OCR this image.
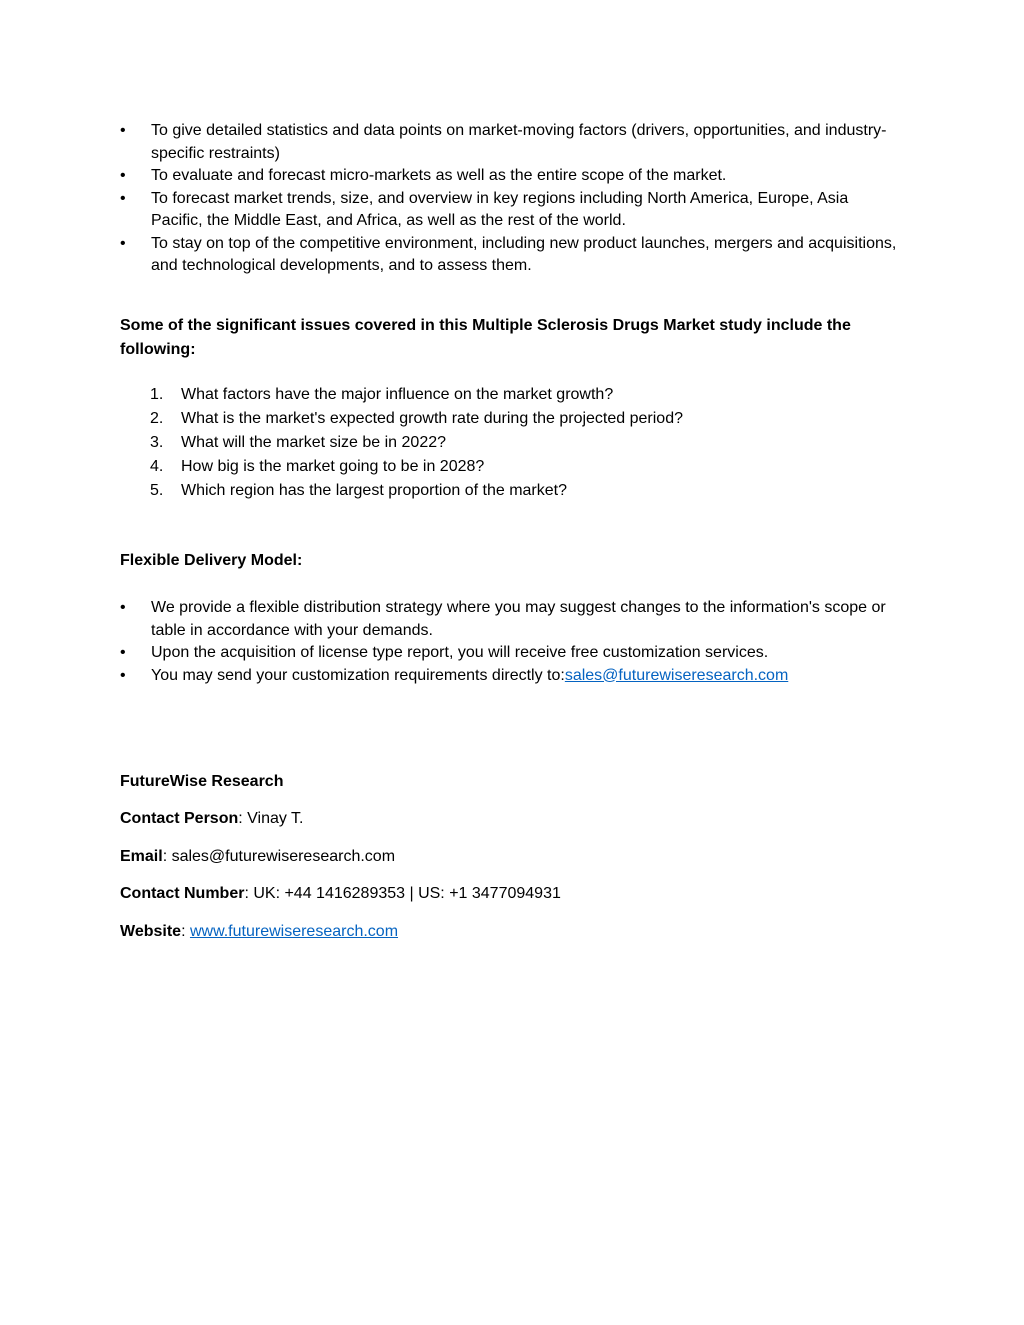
• To give detailed statistics and data points on market-moving factors (drivers, opportunities, and industry-specific restraints)
• To evaluate and forecast micro-markets as well as the entire scope of the market.
• To forecast market trends, size, and overview in key regions including North America, Europe, Asia Pacific, the Middle East, and Africa, as well as the rest of the world.
• To stay on top of the competitive environment, including new product launches, mergers and acquisitions, and technological developments, and to assess them.

Some of the significant issues covered in this Multiple Sclerosis Drugs Market study include the following:

1. What factors have the major influence on the market growth?
2. What is the market's expected growth rate during the projected period?
3. What will the market size be in 2022?
4. How big is the market going to be in 2028?
5. Which region has the largest proportion of the market?

Flexible Delivery Model:

• We provide a flexible distribution strategy where you may suggest changes to the information's scope or table in accordance with your demands.
• Upon the acquisition of license type report, you will receive free customization services.
• You may send your customization requirements directly to:sales@futurewiseresearch.com

FutureWise Research

Contact Person: Vinay T.

Email: sales@futurewiseresearch.com

Contact Number: UK: +44 1416289353 | US: +1 3477094931

Website: www.futurewiseresearch.com
